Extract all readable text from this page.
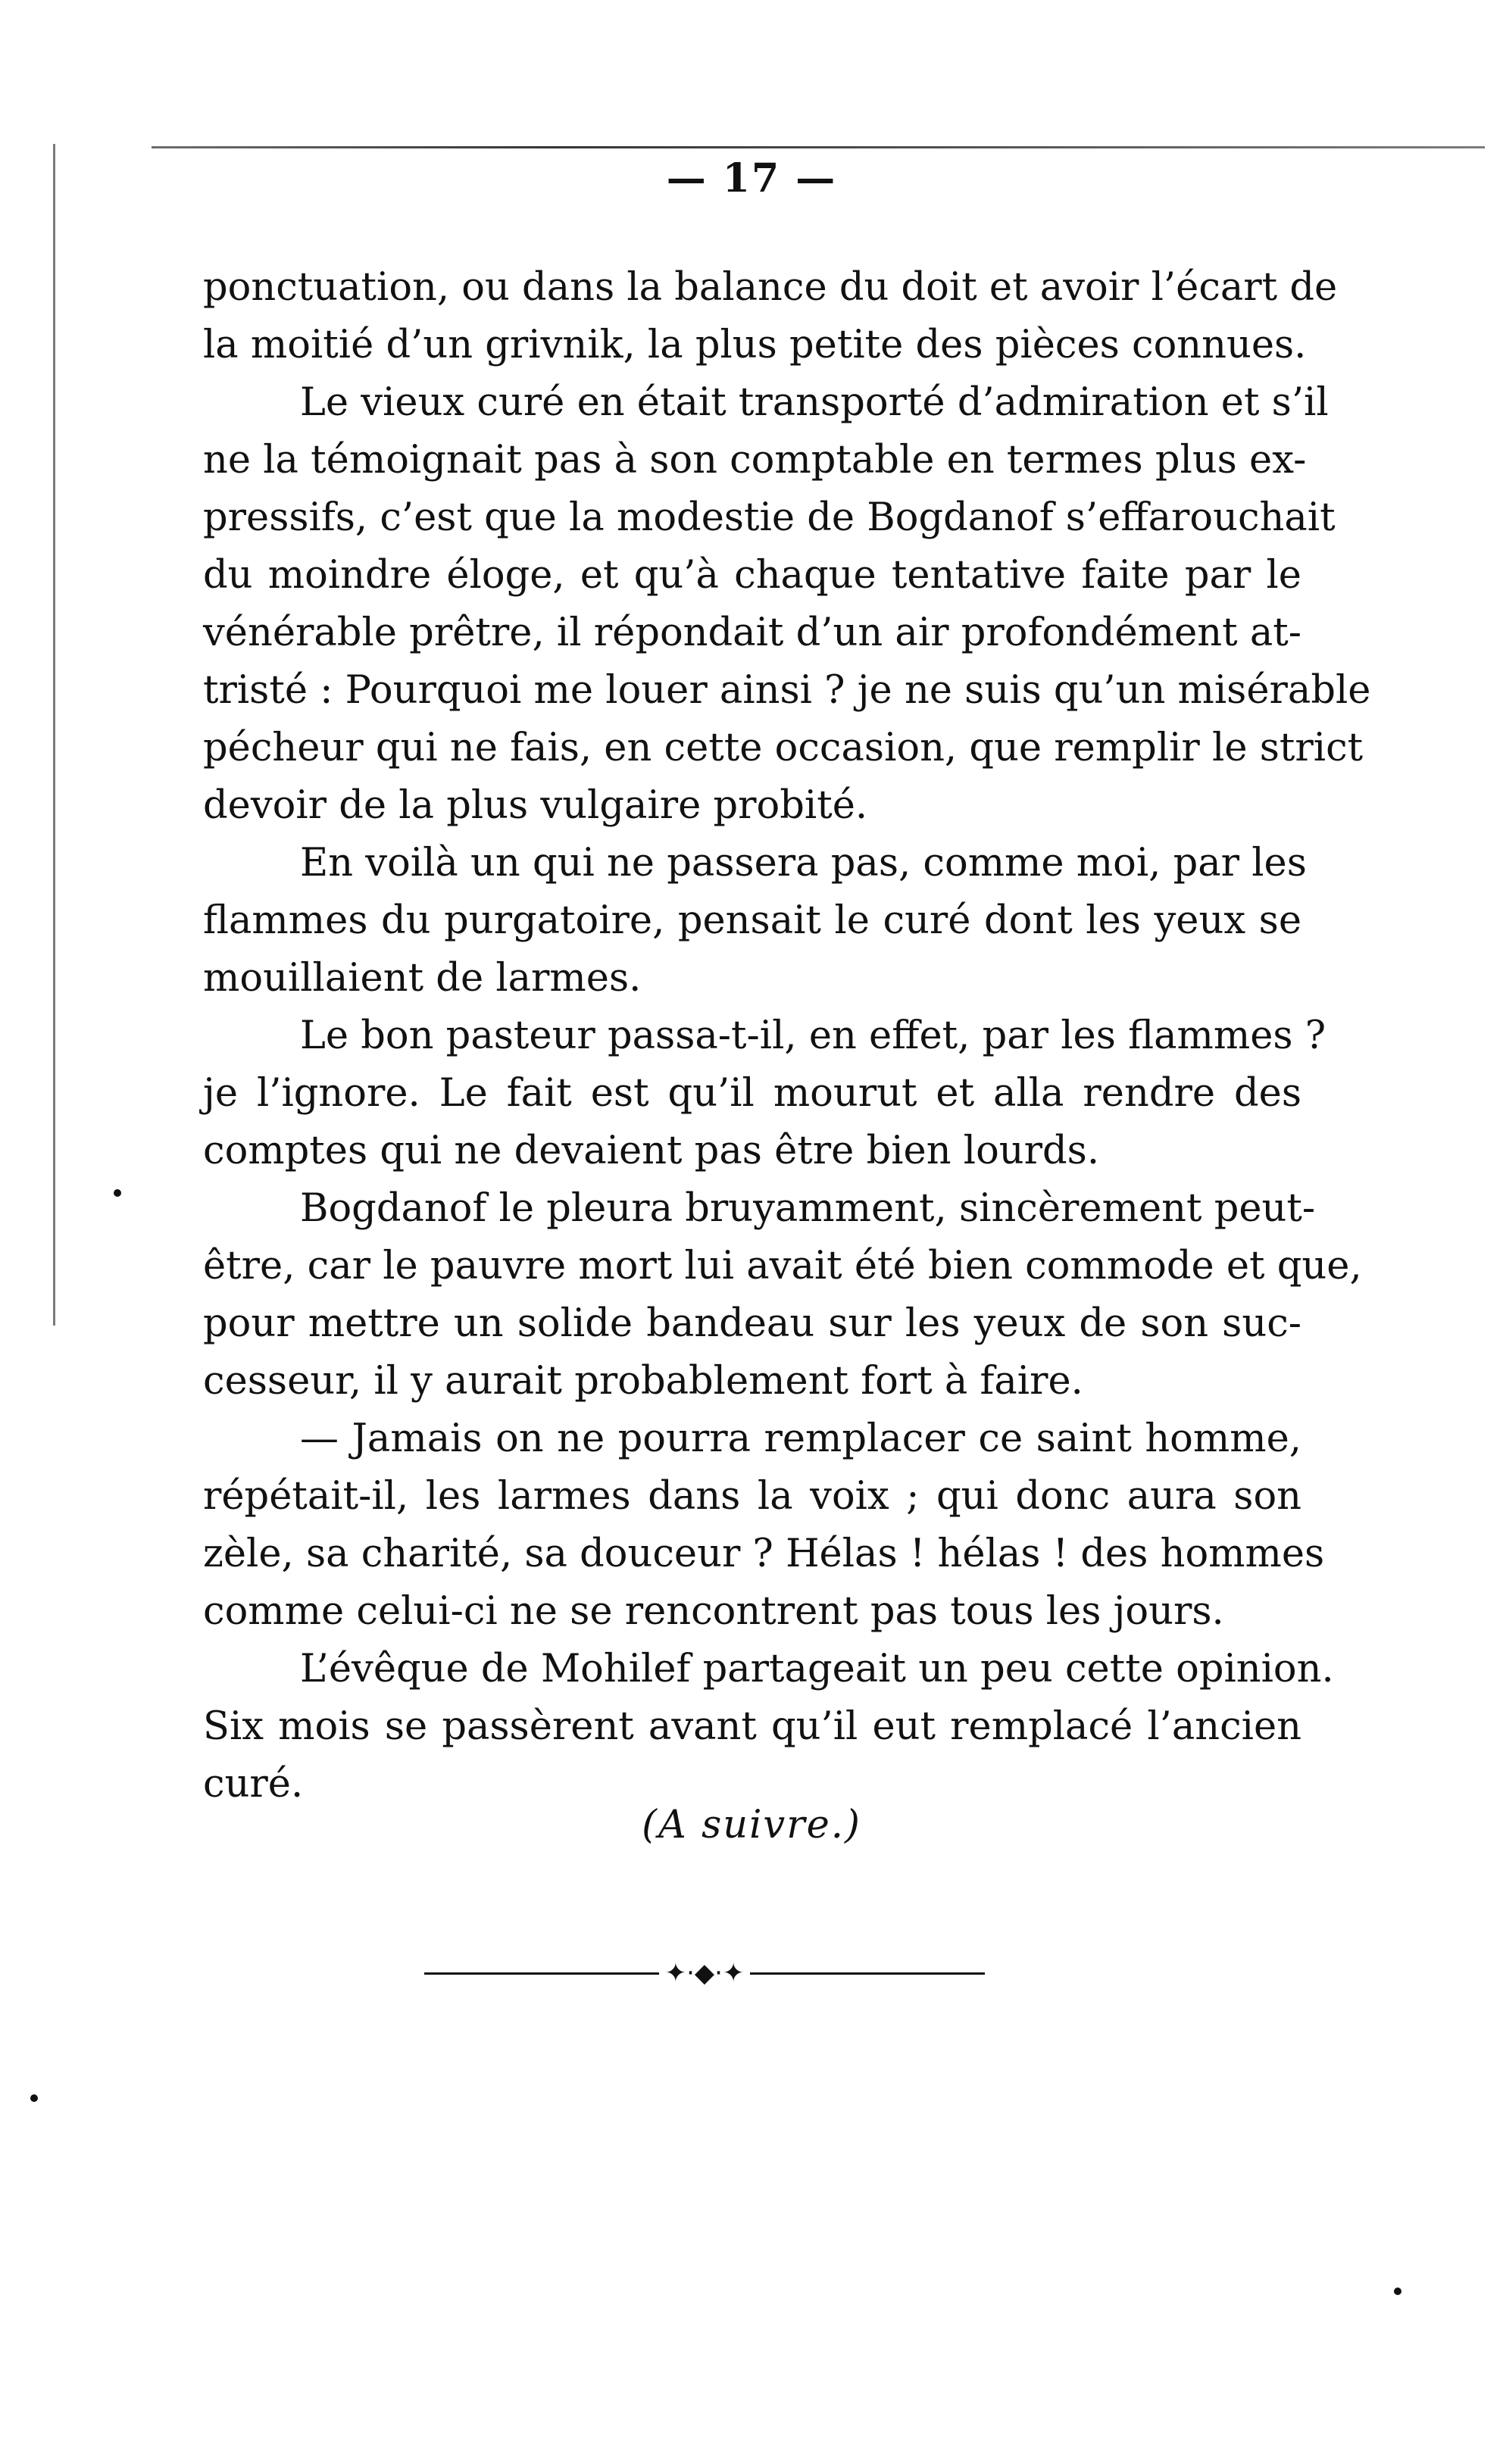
— 17 —
ponctuation, ou dans la balance du doit et avoir l’écart de
la moitié d’un grivnik, la plus petite des pièces connues.
Le vieux curé en était transporté d’admiration et s’il
ne la témoignait pas à son comptable en termes plus ex-
pressifs, c’est que la modestie de Bogdanof s’effarouchait
du moindre éloge, et qu’à chaque tentative faite par le
vénérable prêtre, il répondait d’un air profondément at-
tristé : Pourquoi me louer ainsi ? je ne suis qu’un misérable
pécheur qui ne fais, en cette occasion, que remplir le strict
devoir de la plus vulgaire probité.
En voilà un qui ne passera pas, comme moi, par les
flammes du purgatoire, pensait le curé dont les yeux se
mouillaient de larmes.
Le bon pasteur passa-t-il, en effet, par les flammes ?
je l’ignore. Le fait est qu’il mourut et alla rendre des
comptes qui ne devaient pas être bien lourds.
Bogdanof le pleura bruyamment, sincèrement peut-
être, car le pauvre mort lui avait été bien commode et que,
pour mettre un solide bandeau sur les yeux de son suc-
cesseur, il y aurait probablement fort à faire.
— Jamais on ne pourra remplacer ce saint homme,
répétait-il, les larmes dans la voix ; qui donc aura son
zèle, sa charité, sa douceur ? Hélas ! hélas ! des hommes
comme celui-ci ne se rencontrent pas tous les jours.
L’évêque de Mohilef partageait un peu cette opinion.
Six mois se passèrent avant qu’il eut remplacé l’ancien
curé.
(A suivre.)
✦·◆·✦
